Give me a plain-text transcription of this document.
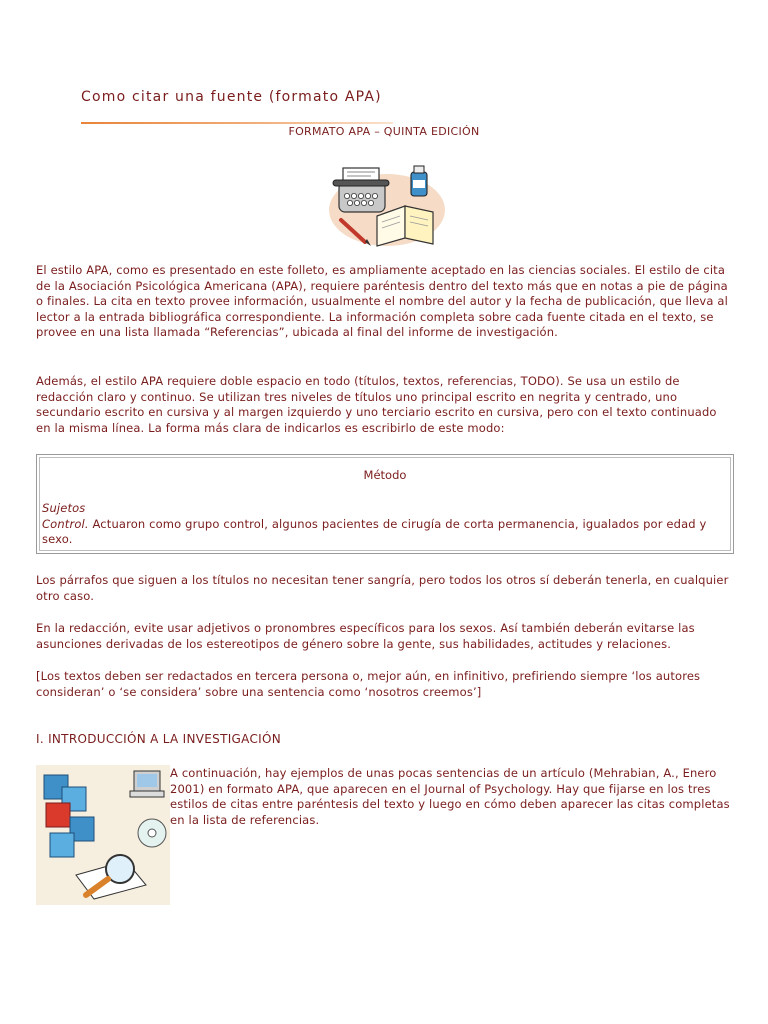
Como citar una fuente (formato APA)
FORMATO APA – QUINTA EDICIÓN

El estilo APA, como es presentado en este folleto, es ampliamente aceptado en las ciencias sociales. El estilo de cita de la Asociación Psicológica Americana (APA), requiere paréntesis dentro del texto más que en notas a pie de página o finales. La cita en texto provee información, usualmente el nombre del autor y la fecha de publicación, que lleva al lector a la entrada bibliográfica correspondiente. La información completa sobre cada fuente citada en el texto, se provee en una lista llamada “Referencias”, ubicada al final del informe de investigación.

Además, el estilo APA requiere doble espacio en todo (títulos, textos, referencias, TODO). Se usa un estilo de redacción claro y continuo. Se utilizan tres niveles de títulos uno principal escrito en negrita y centrado, uno secundario escrito en cursiva y al margen izquierdo y uno terciario escrito en cursiva, pero con el texto continuado en la misma línea. La forma más clara de indicarlos es escribirlo de este modo:

Método
Sujetos
Control. Actuaron como grupo control, algunos pacientes de cirugía de corta permanencia, igualados por edad y sexo.

Los párrafos que siguen a los títulos no necesitan tener sangría, pero todos los otros sí deberán tenerla, en cualquier otro caso.

En la redacción, evite usar adjetivos o pronombres específicos para los sexos. Así también deberán evitarse las asunciones derivadas de los estereotipos de género sobre la gente, sus habilidades, actitudes y relaciones.

[Los textos deben ser redactados en tercera persona o, mejor aún, en infinitivo, prefiriendo siempre ‘los autores consideran’ o ‘se considera’ sobre una sentencia como ‘nosotros creemos’]

I. INTRODUCCIÓN A LA INVESTIGACIÓN

A continuación, hay ejemplos de unas pocas sentencias de un artículo (Mehrabian, A., Enero 2001) en formato APA, que aparecen en el Journal of Psychology. Hay que fijarse en los tres estilos de citas entre paréntesis del texto y luego en cómo deben aparecer las citas completas en la lista de referencias.
